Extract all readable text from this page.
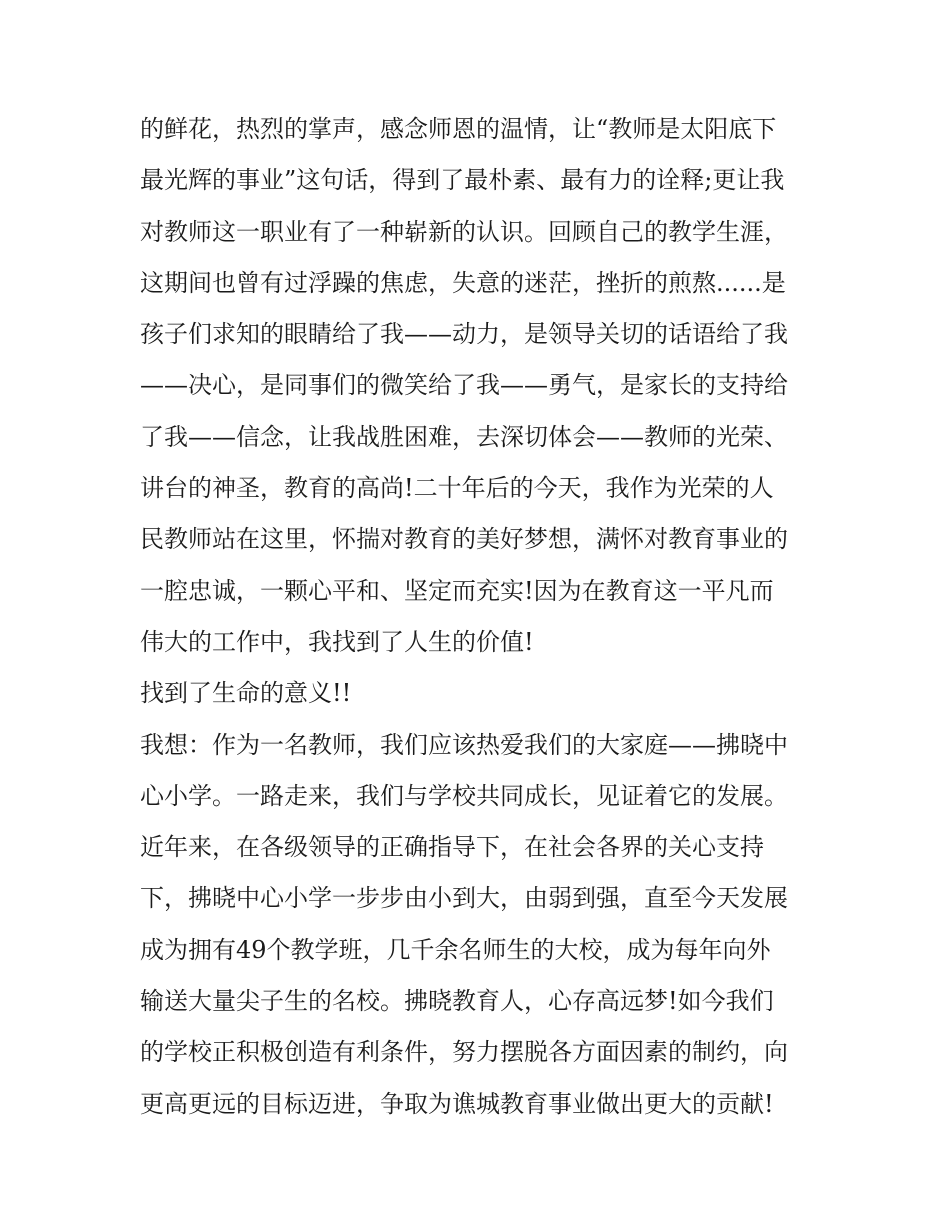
的鲜花，热烈的掌声，感念师恩的温情，让“教师是太阳底下
最光辉的事业”这句话，得到了最朴素、最有力的诠释;更让我
对教师这一职业有了一种崭新的认识。回顾自己的教学生涯，
这期间也曾有过浮躁的焦虑，失意的迷茫，挫折的煎熬......是
孩子们求知的眼睛给了我——动力，是领导关切的话语给了我
——决心，是同事们的微笑给了我——勇气，是家长的支持给
了我——信念，让我战胜困难，去深切体会——教师的光荣、
讲台的神圣，教育的高尚!二十年后的今天，我作为光荣的人
民教师站在这里，怀揣对教育的美好梦想，满怀对教育事业的
一腔忠诚，一颗心平和、坚定而充实!因为在教育这一平凡而
伟大的工作中，我找到了人生的价值!
找到了生命的意义!!
我想：作为一名教师，我们应该热爱我们的大家庭——拂晓中
心小学。一路走来，我们与学校共同成长，见证着它的发展。
近年来，在各级领导的正确指导下，在社会各界的关心支持
下，拂晓中心小学一步步由小到大，由弱到强，直至今天发展
成为拥有49个教学班，几千余名师生的大校，成为每年向外
输送大量尖子生的名校。拂晓教育人，心存高远梦!如今我们
的学校正积极创造有利条件，努力摆脱各方面因素的制约，向
更高更远的目标迈进，争取为谯城教育事业做出更大的贡献!
